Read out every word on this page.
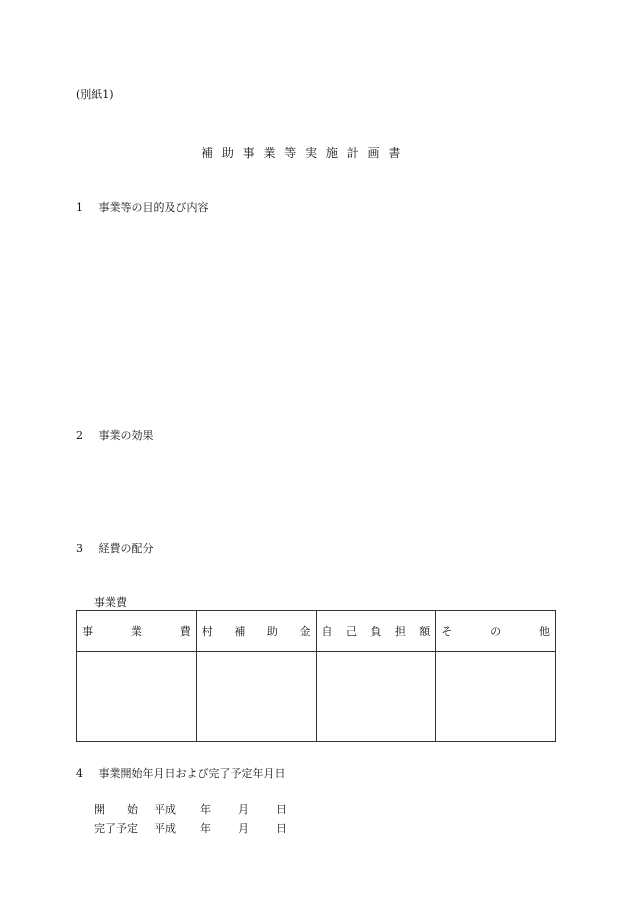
(別紙1)
補 助 事 業 等 実 施 計 画 書
1 事業等の目的及び内容
2 事業の効果
3 経費の配分
事業費
事 業 費	村 補 助 金	自 己 負 担 額	そ の 他

4 事業開始年月日および完了予定年月日
開　　始 平成	年	月	日
完了予定 平成	年	月	日
